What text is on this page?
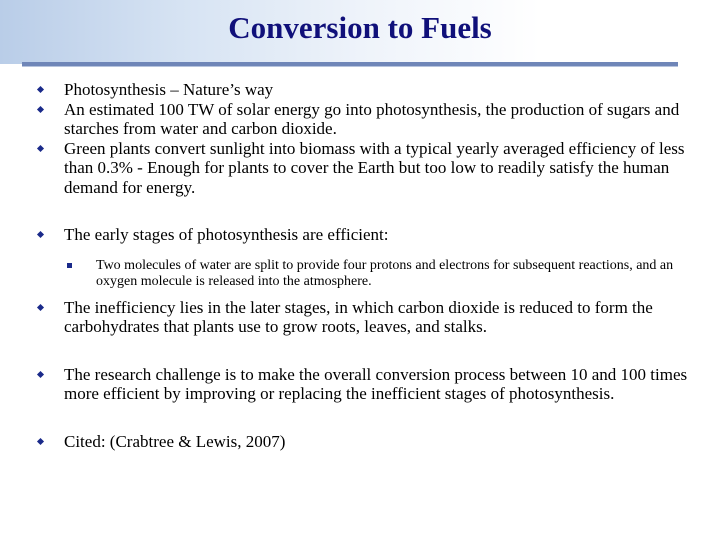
Conversion to Fuels
Photosynthesis – Nature’s way
An estimated 100 TW of solar energy go into photosynthesis, the production of sugars and starches from water and carbon dioxide.
Green plants convert sunlight into biomass with a typical yearly averaged efficiency of less than 0.3% - Enough for plants to cover the Earth but too low to readily satisfy the human demand for energy.
The early stages of photosynthesis are efficient:
Two molecules of water are split to provide four protons and electrons for subsequent reactions, and an oxygen molecule is released into the atmosphere.
The inefficiency lies in the later stages, in which carbon dioxide is reduced to form the carbohydrates that plants use to grow roots, leaves, and stalks.
The research challenge is to make the overall conversion process between 10 and 100 times more efficient by improving or replacing the inefficient stages of photosynthesis.
Cited: (Crabtree & Lewis, 2007)
